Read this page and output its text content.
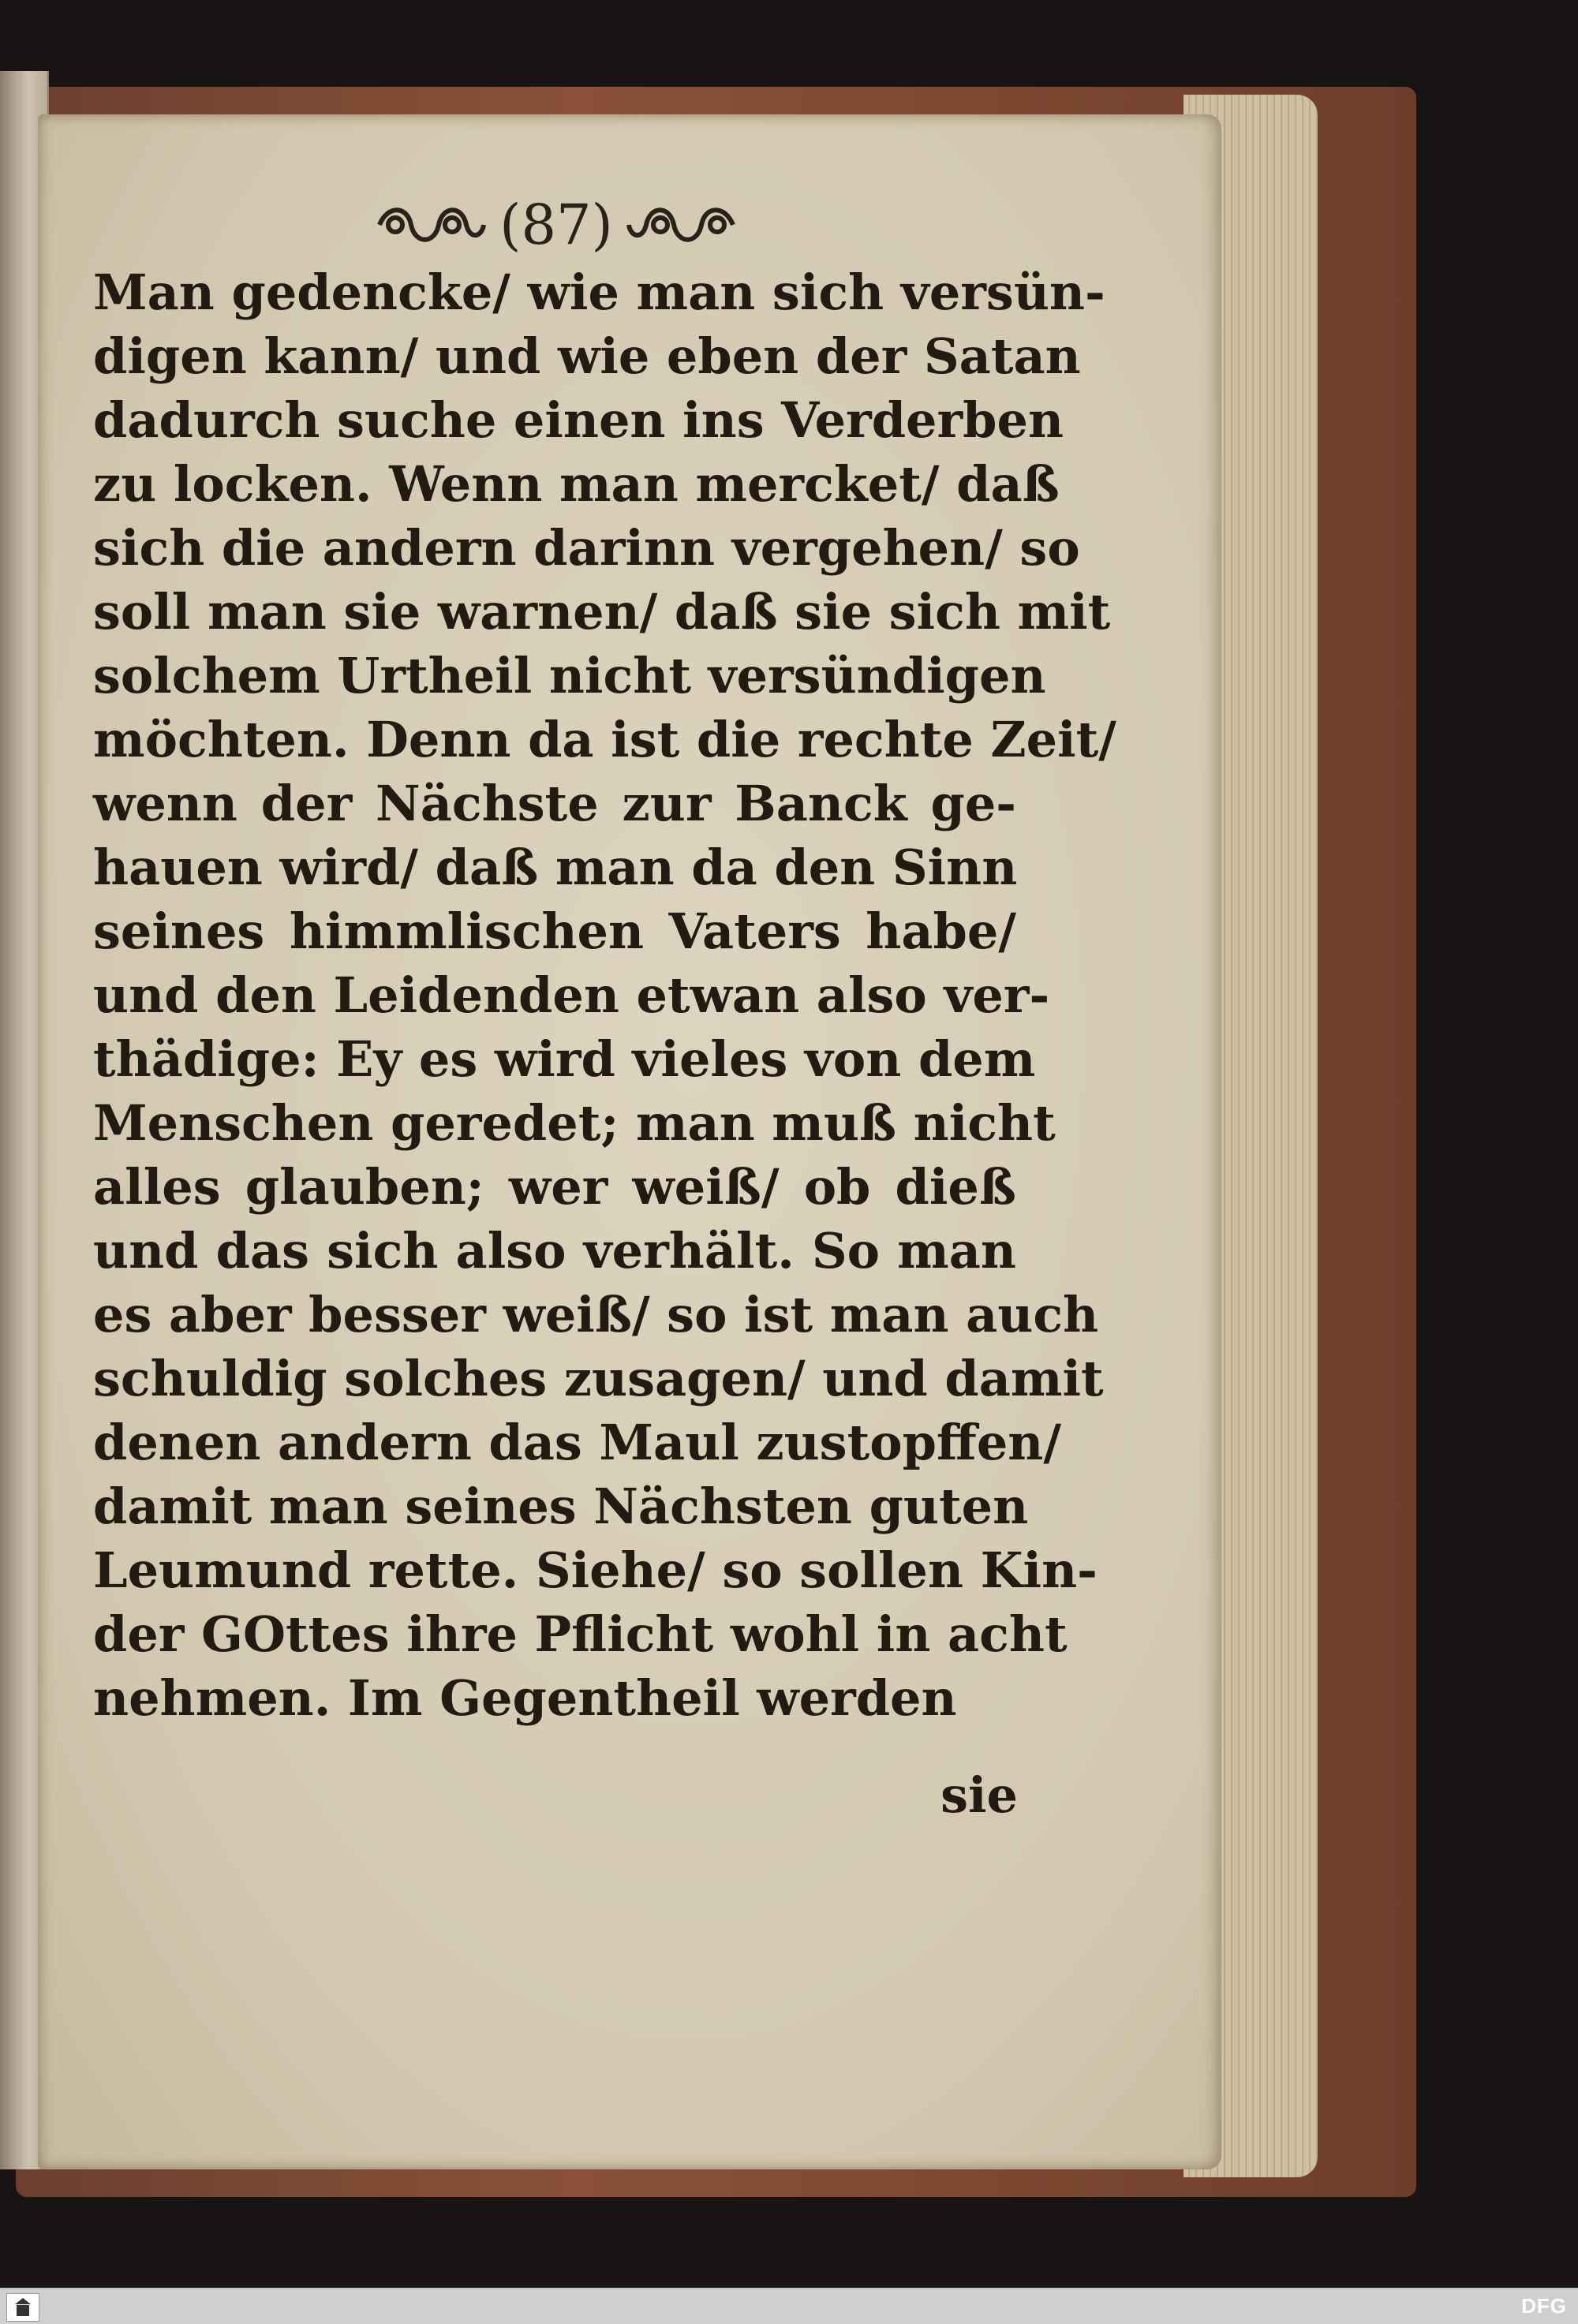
(87)
Man gedencke/ wie man sich versün-
digen kann/ und wie eben der Satan
dadurch suche einen ins Verderben
zu locken. Wenn man mercket/ daß
sich die andern darinn vergehen/ so
soll man sie warnen/ daß sie sich mit
solchem Urtheil nicht versündigen
möchten. Denn da ist die rechte Zeit/
wenn der Nächste zur Banck ge-
hauen wird/ daß man da den Sinn
seines himmlischen Vaters habe/
und den Leidenden etwan also ver-
thädige: Ey es wird vieles von dem
Menschen geredet; man muß nicht
alles glauben; wer weiß/ ob dieß
und das sich also verhält. So man
es aber besser weiß/ so ist man auch
schuldig solches zusagen/ und damit
denen andern das Maul zustopffen/
damit man seines Nächsten guten
Leumund rette. Siehe/ so sollen Kin-
der GOttes ihre Pflicht wohl in acht
nehmen. Im Gegentheil werden
sie
DFG
